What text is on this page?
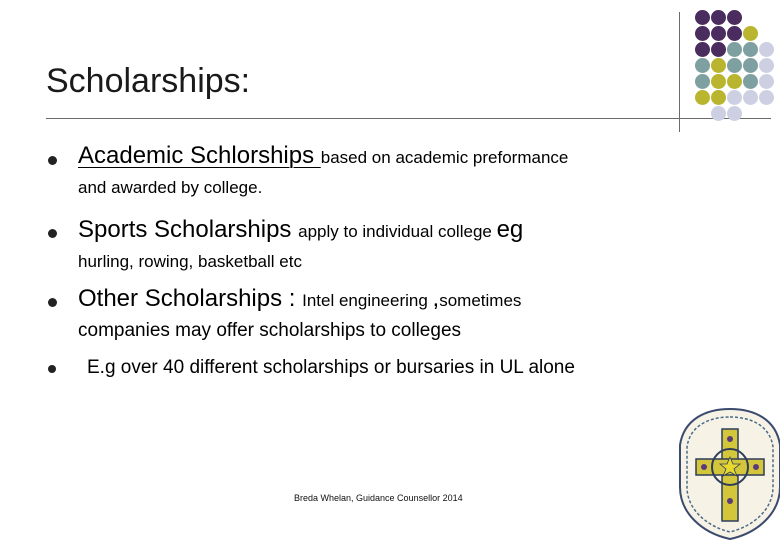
Scholarships:
Academic Schlorships based on academic preformance
and awarded by college.
Sports Scholarships apply to individual college eg
hurling, rowing, basketball etc
Other Scholarships : Intel engineering ,sometimes
companies may offer scholarships to colleges
E.g over 40 different scholarships or bursaries in UL alone
Breda Whelan, Guidance Counsellor 2014
